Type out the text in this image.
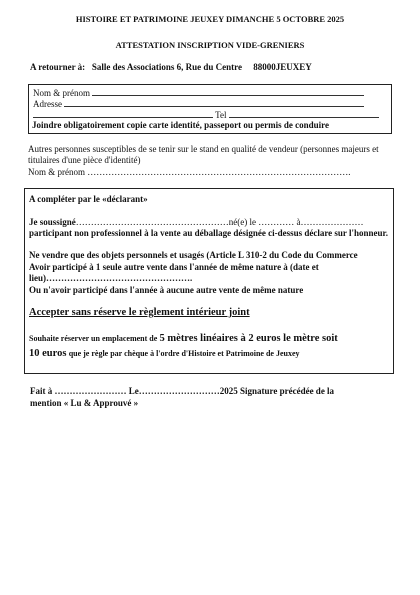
HISTOIRE ET PATRIMOINE JEUXEY DIMANCHE 5 OCTOBRE 2025
ATTESTATION INSCRIPTION VIDE-GRENIERS
A retourner à: Salle des Associations 6, Rue du Centre 88000JEUXEY
Nom & prénom
Adresse
Tel
Joindre obligatoirement copie carte identité, passeport ou permis de conduire
Autres personnes susceptibles de se tenir sur le stand en qualité de vendeur (personnes majeurs et titulaires d'une pièce d'identité)
Nom & prénom …………………………………………………………………………….
A compléter par le «déclarant»
Je soussigné……………………………………………né(e) le ………… à………………… participant non professionnel à la vente au déballage désignée ci-dessus déclare sur l'honneur.
Ne vendre que des objets personnels et usagés (Article L 310-2 du Code du Commerce
Avoir participé à 1 seule autre vente dans l'année de même nature à (date et lieu)………………………………………….
Ou n'avoir participé dans l'année à aucune autre vente de même nature
Accepter sans réserve le règlement intérieur joint
Souhaite réserver un emplacement de 5 mètres linéaires à 2 euros le mètre soit
10 euros que je règle par chèque à l'ordre d'Histoire et Patrimoine de Jeuxey
Fait à …………………… Le………………………2025 Signature précédée de la
mention « Lu & Approuvé »
